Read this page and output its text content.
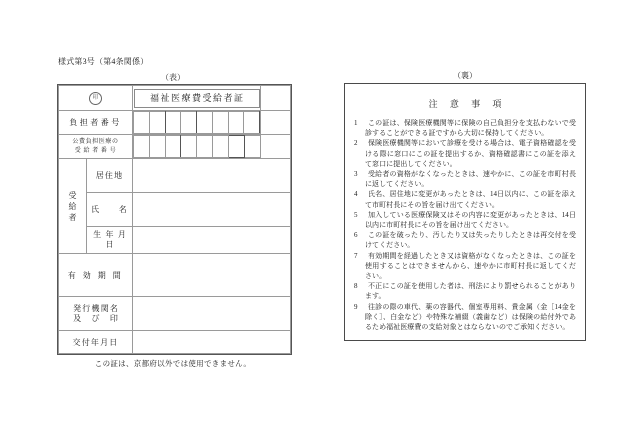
様式第3号（第4条関係）
（表）
印	福祉医療費受給者証	
負担者番号	

公費負担医療の
受 給 者 番 号

受
給
者
	居住地	
氏　　名	

生 年 月
日

有 効 期 間	

発行機関名
及　び　印

交付年月日	
この証は、京都府以外では使用できません。
（裏）
注 意 事 項
1	この証は、保険医療機関等に保険の自己負担分を支払わないで受診することができる証ですから大切に保持してください。
2	保険医療機関等において診療を受ける場合は、電子資格確認を受ける際に窓口にこの証を提出するか、資格確認書にこの証を添えて窓口に提出してください。
3	受給者の資格がなくなったときは、速やかに、この証を市町村長に返してください。
4	氏名、居住地に変更があったときは、14日以内に、この証を添えて市町村長にその旨を届け出てください。
5	加入している医療保険又はその内容に変更があったときは、14日以内に市町村長にその旨を届け出てください。
6	この証を破ったり、汚したり又は失ったりしたときは再交付を受けてください。
7	有効期間を経過したとき又は資格がなくなったときは、この証を使用することはできませんから、速やかに市町村長に返してください。
8	不正にこの証を使用した者は、刑法により罰せられることがあります。
9	往診の際の車代、薬の容器代、個室専用料、貴金属（金［14金を除く］、白金など）や特殊な補綴（義歯など）は保険の給付外であるため福祉医療費の支給対象とはならないのでご承知ください。
